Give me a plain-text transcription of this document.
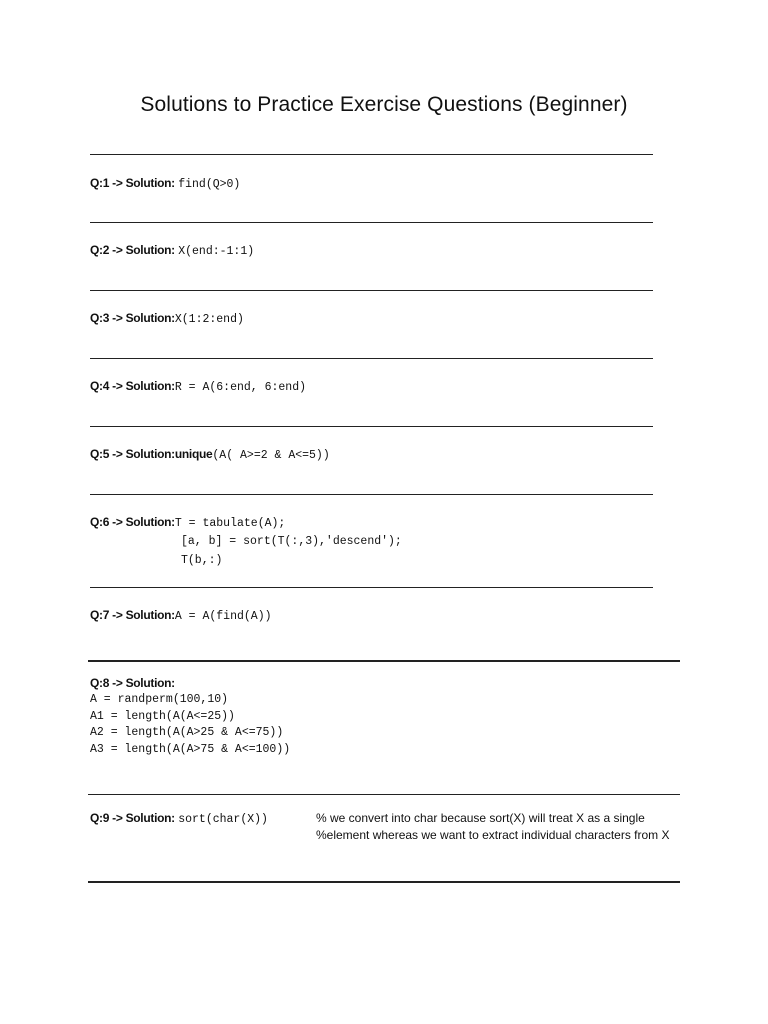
Solutions to Practice Exercise Questions (Beginner)
Q:1 -> Solution: find(Q>0)
Q:2 -> Solution: X(end:-1:1)
Q:3 -> Solution:X(1:2:end)
Q:4 -> Solution:R = A(6:end, 6:end)
Q:5 -> Solution:unique(A( A>=2 & A<=5))
Q:6 -> Solution:T = tabulate(A);
[a, b] = sort(T(:,3),'descend');
T(b,:)
Q:7 -> Solution:A = A(find(A))
Q:8 -> Solution:
A = randperm(100,10)
A1 = length(A(A<=25))
A2 = length(A(A>25 & A<=75))
A3 = length(A(A>75 & A<=100))
Q:9 -> Solution: sort(char(X))	% we convert into char because sort(X) will treat X as a single %element whereas we want to extract individual characters from X
